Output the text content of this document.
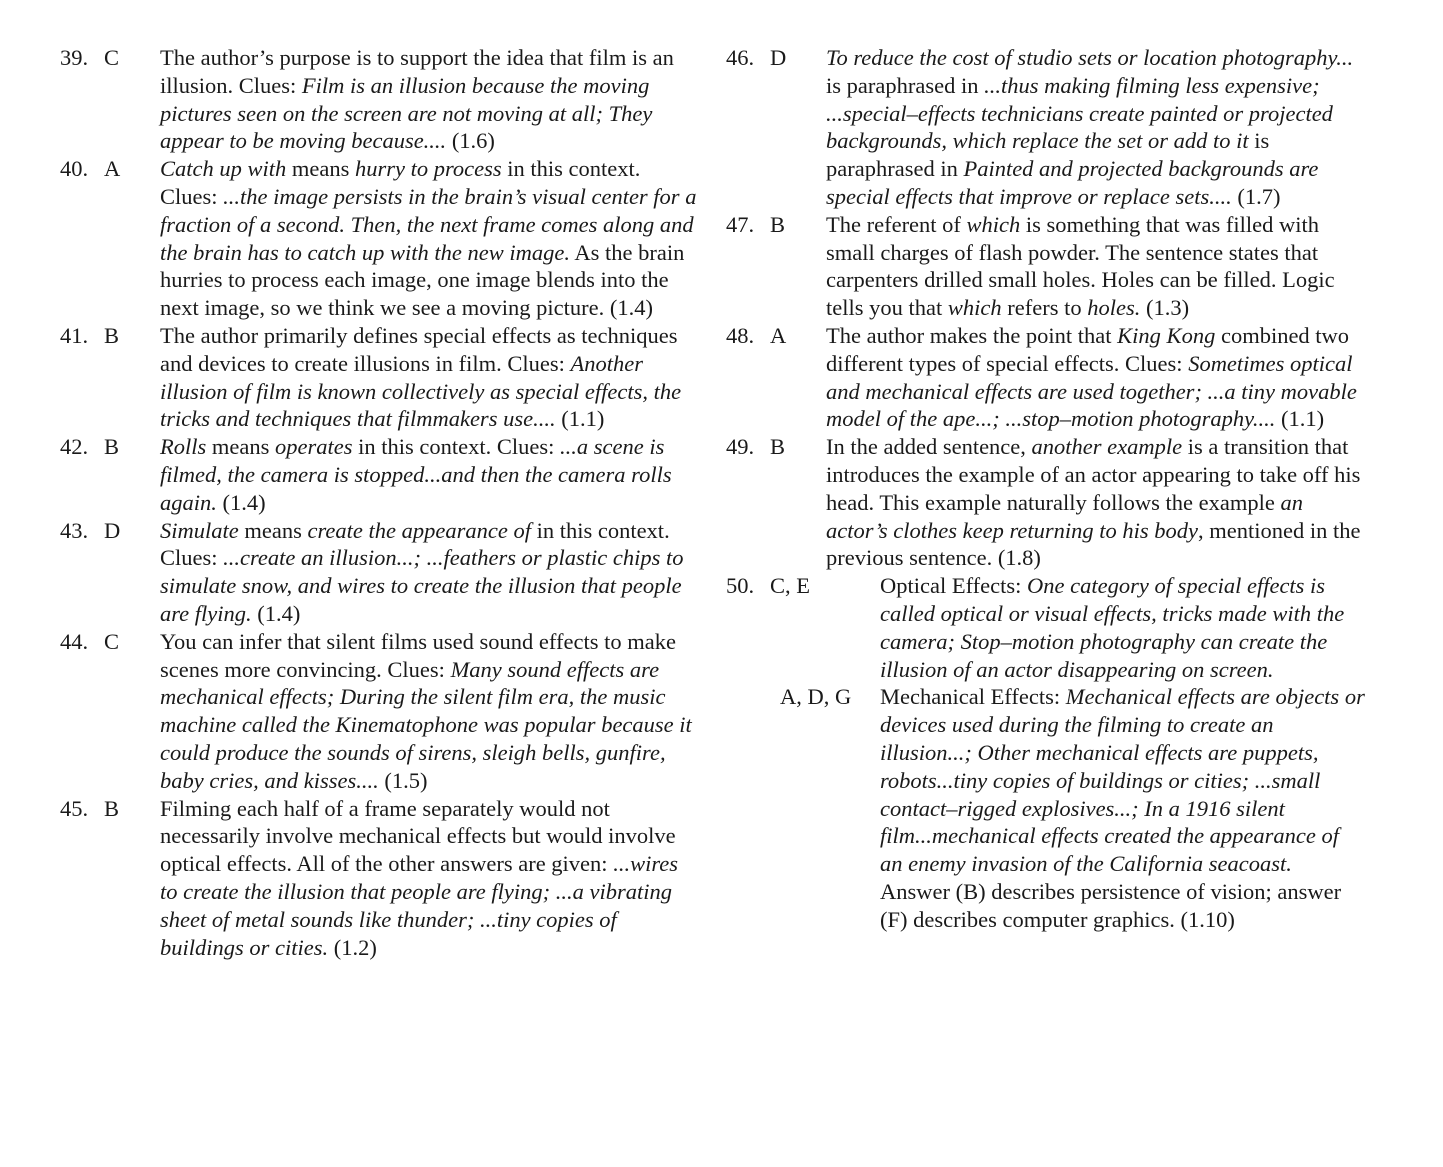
39. C	The author’s purpose is to support the idea that film is an illusion. Clues: Film is an illusion because the moving pictures seen on the screen are not moving at all; They appear to be moving because.... (1.6)
40. A	Catch up with means hurry to process in this context. Clues: ...the image persists in the brain’s visual center for a fraction of a second. Then, the next frame comes along and the brain has to catch up with the new image. As the brain hurries to process each image, one image blends into the next image, so we think we see a moving picture. (1.4)
41. B	The author primarily defines special effects as techniques and devices to create illusions in film. Clues: Another illusion of film is known collectively as special effects, the tricks and techniques that filmmakers use.... (1.1)
42. B	Rolls means operates in this context. Clues: ...a scene is filmed, the camera is stopped...and then the camera rolls again. (1.4)
43. D	Simulate means create the appearance of in this context. Clues: ...create an illusion...; ...feathers or plastic chips to simulate snow, and wires to create the illusion that people are flying. (1.4)
44. C	You can infer that silent films used sound effects to make scenes more convincing. Clues: Many sound effects are mechanical effects; During the silent film era, the music machine called the Kinematophone was popular because it could produce the sounds of sirens, sleigh bells, gunfire, baby cries, and kisses.... (1.5)
45. B	Filming each half of a frame separately would not necessarily involve mechanical effects but would involve optical effects. All of the other answers are given: ...wires to create the illusion that people are flying; ...a vibrating sheet of metal sounds like thunder; ...tiny copies of buildings or cities. (1.2)
46. D	To reduce the cost of studio sets or location photography... is paraphrased in ...thus making filming less expensive; ...special–effects technicians create painted or projected backgrounds, which replace the set or add to it is paraphrased in Painted and projected backgrounds are special effects that improve or replace sets.... (1.7)
47. B	The referent of which is something that was filled with small charges of flash powder. The sentence states that carpenters drilled small holes. Holes can be filled. Logic tells you that which refers to holes. (1.3)
48. A	The author makes the point that King Kong combined two different types of special effects. Clues: Sometimes optical and mechanical effects are used together; ...a tiny movable model of the ape...; ...stop–motion photography.... (1.1)
49. B	In the added sentence, another example is a transition that introduces the example of an actor appearing to take off his head. This example naturally follows the example an actor’s clothes keep returning to his body, mentioned in the previous sentence. (1.8)
50. C, E	Optical Effects: One category of special effects is called optical or visual effects, tricks made with the camera; Stop–motion photography can create the illusion of an actor disappearing on screen.
A, D, G	Mechanical Effects: Mechanical effects are objects or devices used during the filming to create an illusion...; Other mechanical effects are puppets, robots...tiny copies of buildings or cities; ...small contact–rigged explosives...; In a 1916 silent film...mechanical effects created the appearance of an enemy invasion of the California seacoast. Answer (B) describes persistence of vision; answer (F) describes computer graphics. (1.10)
